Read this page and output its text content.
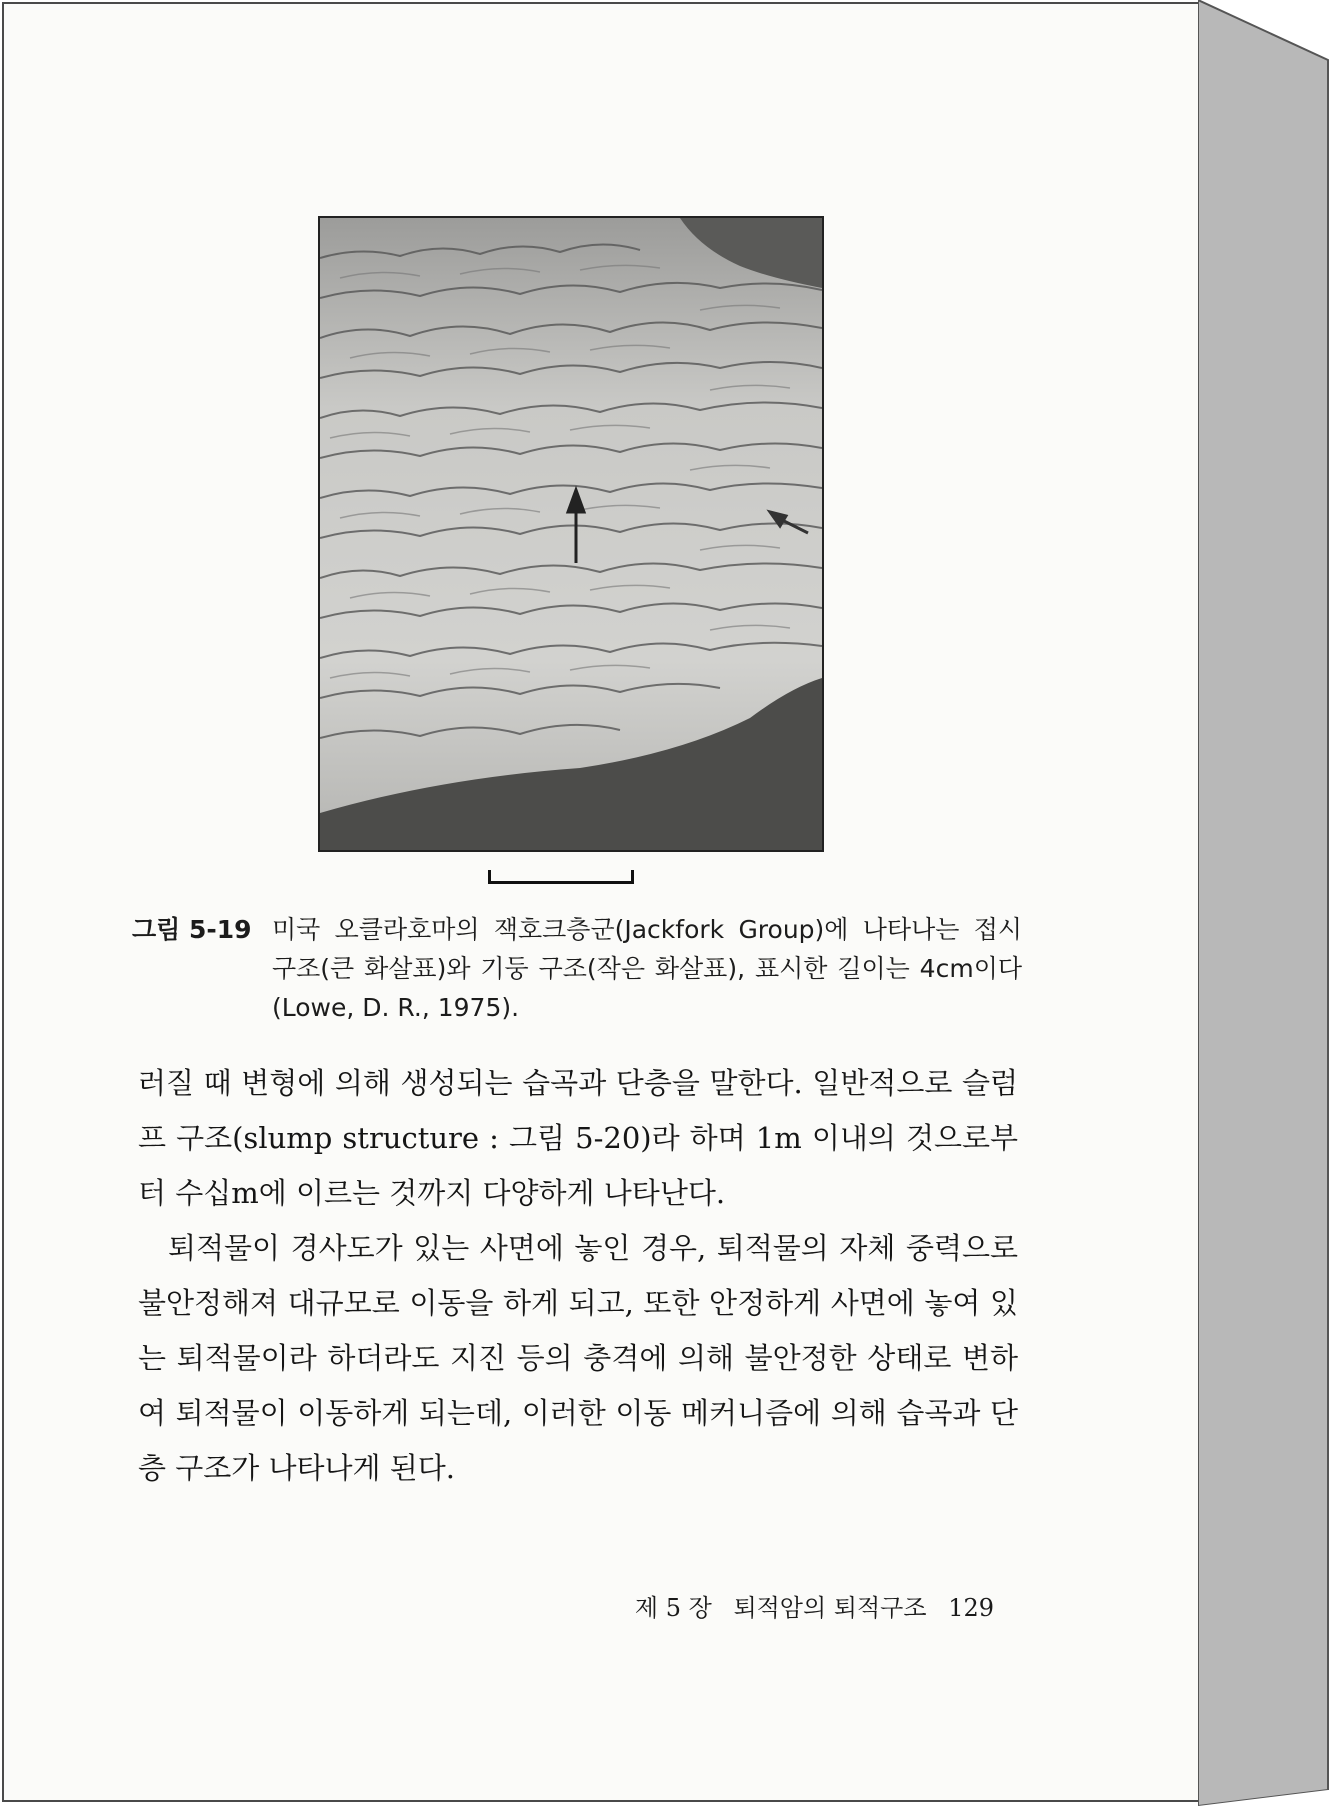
그림 5-19 미국 오클라호마의 잭호크층군(Jackfork Group)에 나타나는 접시 구조(큰 화살표)와 기둥 구조(작은 화살표), 표시한 길이는 4cm이다(Lowe, D. R., 1975).

러질 때 변형에 의해 생성되는 습곡과 단층을 말한다. 일반적으로 슬럼프 구조(slump structure : 그림 5-20)라 하며 1m 이내의 것으로부터 수십m에 이르는 것까지 다양하게 나타난다.

퇴적물이 경사도가 있는 사면에 놓인 경우, 퇴적물의 자체 중력으로 불안정해져 대규모로 이동을 하게 되고, 또한 안정하게 사면에 놓여 있는 퇴적물이라 하더라도 지진 등의 충격에 의해 불안정한 상태로 변하여 퇴적물이 이동하게 되는데, 이러한 이동 메커니즘에 의해 습곡과 단층 구조가 나타나게 된다.

제 5 장 퇴적암의 퇴적구조 129
